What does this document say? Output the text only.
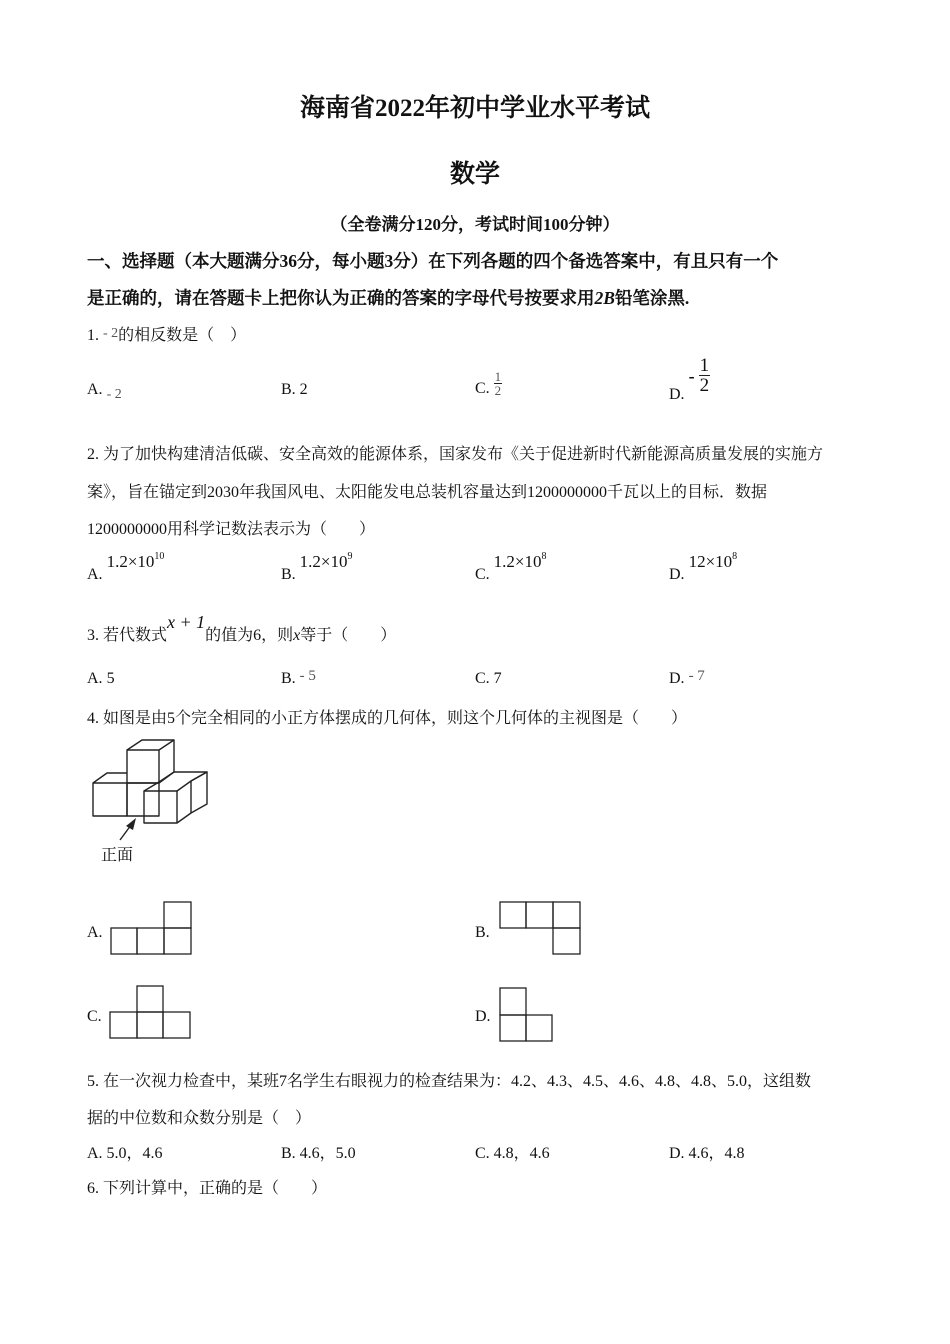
海南省2022年初中学业水平考试
数学
（全卷满分120分，考试时间100分钟）
一、选择题（本大题满分36分，每小题3分）在下列各题的四个备选答案中，有且只有一个
是正确的，请在答题卡上把你认为正确的答案的字母代号按要求用2B铅笔涂黑.
1. - 2的相反数是（　）
A. - 2	B. 2	C. $\frac{1}{2}$	D. - $\frac{1}{2}$
2. 为了加快构建清洁低碳、安全高效的能源体系，国家发布《关于促进新时代新能源高质量发展的实施方
案》，旨在锚定到2030年我国风电、太阳能发电总装机容量达到1200000000千瓦以上的目标．数据
1200000000用科学记数法表示为（　　）
A. $1.2\times 10^{10}$
B. $1.2\times 10^9$
C. $1.2\times 10^8$
D. $12\times 10^8$
3. 若代数式x + 1的值为6，则x等于（　　）
A. 5	B. - 5	C. 7	D. - 7
4. 如图是由5个完全相同的小正方体摆成的几何体，则这个几何体的主视图是（　　）
正面
A.	B.
C.	D.
5. 在一次视力检查中，某班7名学生右眼视力的检查结果为：4.2、4.3、4.5、4.6、4.8、4.8、5.0，这组数
据的中位数和众数分别是（　）
A. 5.0，4.6	B. 4.6，5.0	C. 4.8，4.6	D. 4.6，4.8
6. 下列计算中，正确的是（　　）
